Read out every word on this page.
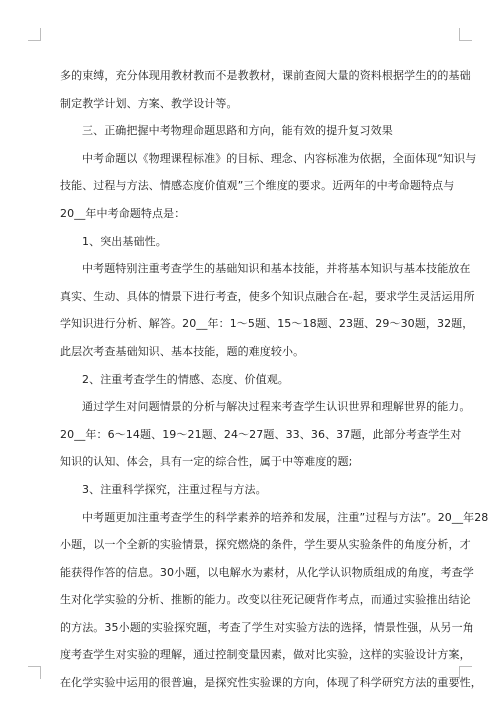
多的束缚，充分体现用教材教而不是教教材，课前查阅大量的资料根据学生的的基础

制定教学计划、方案、教学设计等。

三、正确把握中考物理命题思路和方向，能有效的提升复习效果

中考命题以《物理课程标准》的目标、理念、内容标准为依据，全面体现“知识与

技能、过程与方法、情感态度价值观”三个维度的要求。近两年的中考命题特点与

20__年中考命题特点是：

1、突出基础性。

中考题特别注重考查学生的基础知识和基本技能，并将基本知识与基本技能放在

真实、生动、具体的情景下进行考查，使多个知识点融合在-起，要求学生灵活运用所

学知识进行分析、解答。20__年：1～5题、15～18题、23题、29～30题，32题，

此层次考查基础知识、基本技能，题的难度较小。

2、注重考查学生的情感、态度、价值观。

通过学生对问题情景的分析与解决过程来考查学生认识世界和理解世界的能力。

20__年：6～14题、19～21题、24～27题、33、36、37题，此部分考查学生对

知识的认知、体会，具有一定的综合性，属于中等难度的题;

3、注重科学探究，注重过程与方法。

中考题更加注重考查学生的科学素养的培养和发展，注重”过程与方法”。20__年28

小题，以一个全新的实验情景，探究燃烧的条件，学生要从实验条件的角度分析，才

能获得作答的信息。30小题，以电解水为素材，从化学认识物质组成的角度，考查学

生对化学实验的分析、推断的能力。改变以往死记硬背作考点，而通过实验推出结论

的方法。35小题的实验探究题，考查了学生对实验方法的选择，情景性强，从另一角

度考查学生对实验的理解，通过控制变量因素，做对比实验，这样的实验设计方案，

在化学实验中运用的很普遍，是探究性实验课的方向，体现了科学研究方法的重要性，
